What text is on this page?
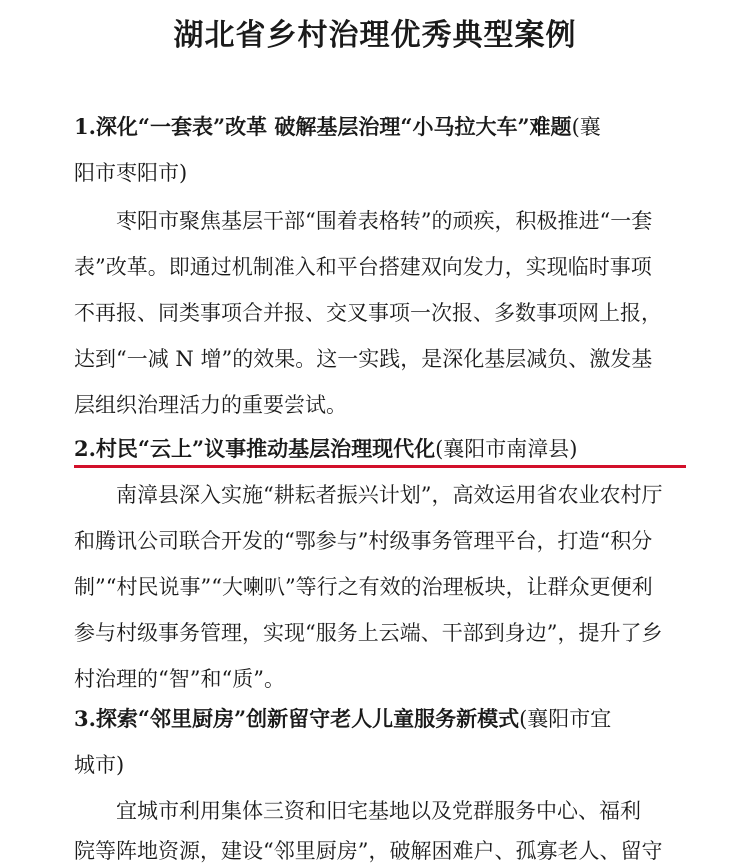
湖北省乡村治理优秀典型案例
1.深化“一套表”改革 破解基层治理“小马拉大车”难题(襄
阳市枣阳市)
枣阳市聚焦基层干部“围着表格转”的顽疾，积极推进“一套
表”改革。即通过机制准入和平台搭建双向发力，实现临时事项
不再报、同类事项合并报、交叉事项一次报、多数事项网上报，
达到“一减 N 增”的效果。这一实践，是深化基层减负、激发基
层组织治理活力的重要尝试。
2.村民“云上”议事推动基层治理现代化(襄阳市南漳县)
南漳县深入实施“耕耘者振兴计划”，高效运用省农业农村厅
和腾讯公司联合开发的“鄂参与”村级事务管理平台，打造“积分
制”“村民说事”“大喇叭”等行之有效的治理板块，让群众更便利
参与村级事务管理，实现“服务上云端、干部到身边”，提升了乡
村治理的“智”和“质”。
3.探索“邻里厨房”创新留守老人儿童服务新模式(襄阳市宜
城市)
宜城市利用集体三资和旧宅基地以及党群服务中心、福利
院等阵地资源，建设“邻里厨房”，破解困难户、孤寡老人、留守
